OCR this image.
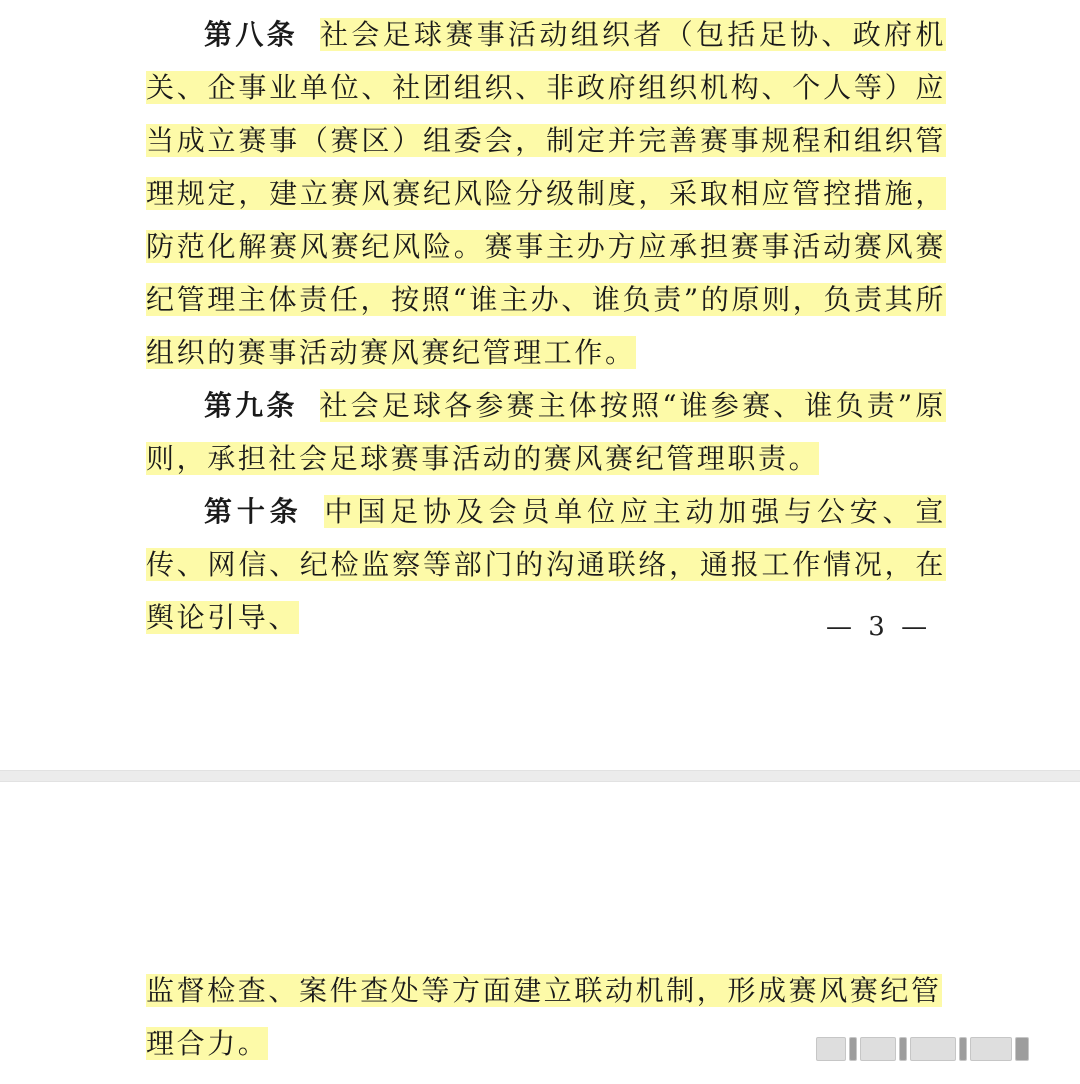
第八条 社会足球赛事活动组织者（包括足协、政府机关、企事业单位、社团组织、非政府组织机构、个人等）应当成立赛事（赛区）组委会，制定并完善赛事规程和组织管理规定，建立赛风赛纪风险分级制度，采取相应管控措施，防范化解赛风赛纪风险。赛事主办方应承担赛事活动赛风赛纪管理主体责任，按照“谁主办、谁负责”的原则，负责其所组织的赛事活动赛风赛纪管理工作。

第九条 社会足球各参赛主体按照“谁参赛、谁负责”原则，承担社会足球赛事活动的赛风赛纪管理职责。

第十条 中国足协及会员单位应主动加强与公安、宣传、网信、纪检监察等部门的沟通联络，通报工作情况，在舆论引导、	— 3 —

监督检查、案件查处等方面建立联动机制，形成赛风赛纪管理合力。
